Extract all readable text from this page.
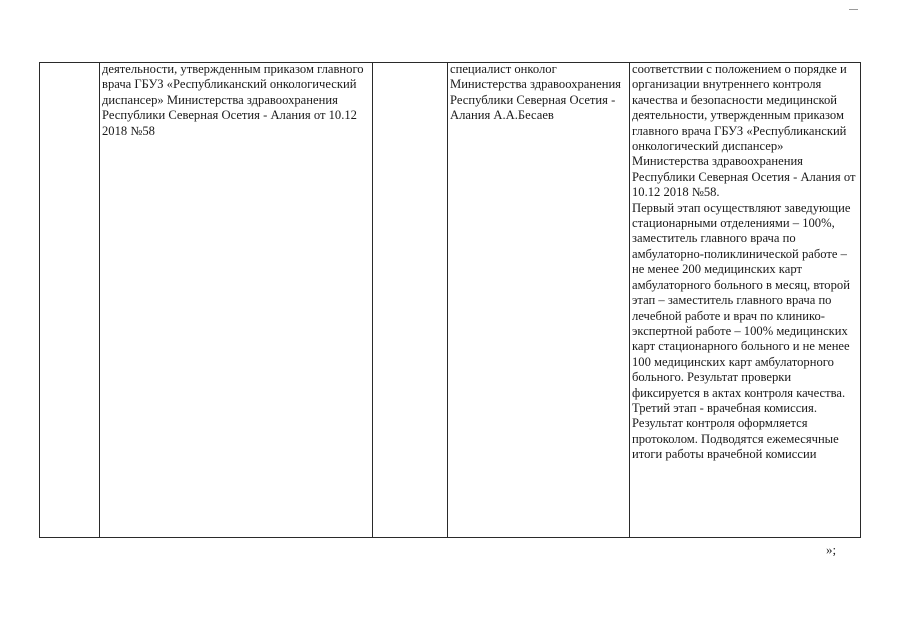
деятельности, утвержденным приказом главного врача ГБУЗ «Республиканский онкологический диспансер» Министерства здравоохранения Республики Северная Осетия - Алания от 10.12 2018 №58
специалист онколог Министерства здравоохранения Республики Северная Осетия - Алания А.А.Бесаев
соответствии с положением о порядке и организации внутреннего контроля качества и безопасности медицинской деятельности, утвержденным приказом главного врача ГБУЗ «Республиканский онкологический диспансер» Министерства здравоохранения Республики Северная Осетия - Алания от 10.12 2018 №58.
Первый этап осуществляют заведующие стационарными отделениями – 100%, заместитель главного врача по амбулаторно-поликлинической работе – не менее 200 медицинских карт амбулаторного больного в месяц, второй этап – заместитель главного врача по лечебной работе и врач по клинико-экспертной работе – 100% медицинских карт стационарного больного и не менее 100 медицинских карт амбулаторного больного. Результат проверки фиксируется в актах контроля качества.
Третий этап - врачебная комиссия. Результат контроля оформляется протоколом. Подводятся ежемесячные итоги работы врачебной комиссии
»;
